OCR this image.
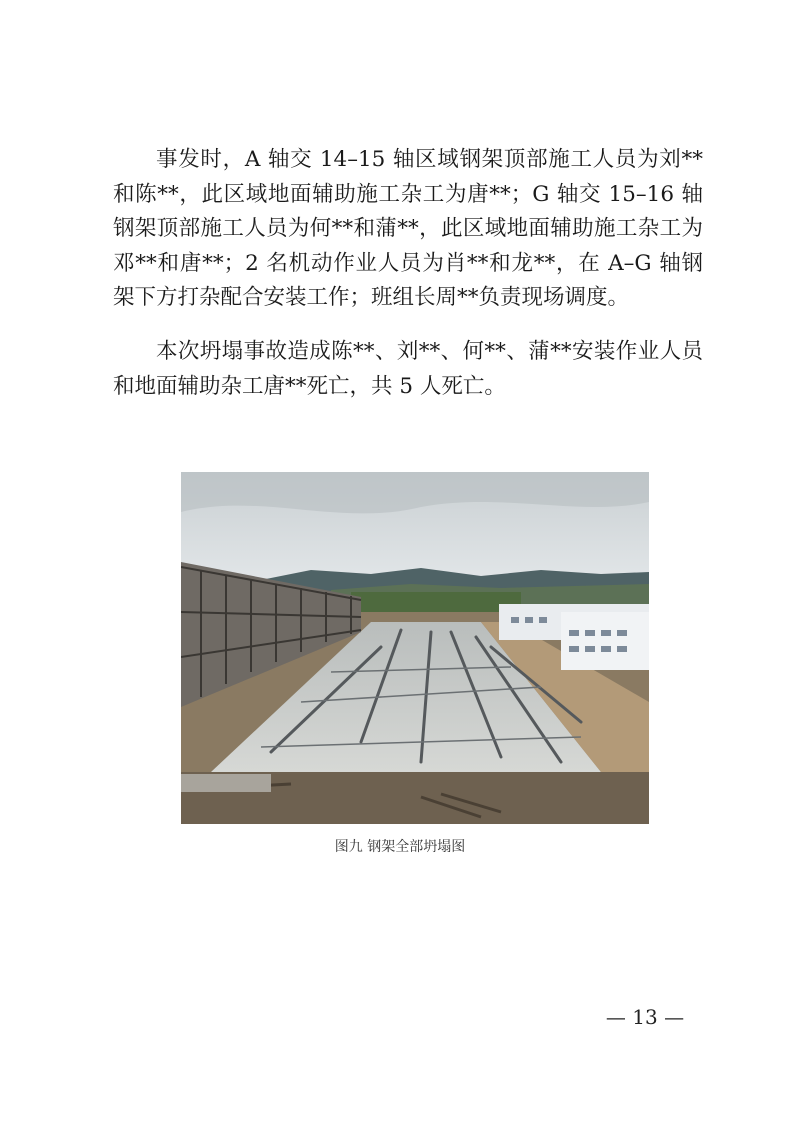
事发时，A 轴交 14–15 轴区域钢架顶部施工人员为刘**和陈**，此区域地面辅助施工杂工为唐**；G 轴交 15–16 轴钢架顶部施工人员为何**和蒲**，此区域地面辅助施工杂工为邓**和唐**；2 名机动作业人员为肖**和龙**，在 A–G 轴钢架下方打杂配合安装工作；班组长周**负责现场调度。

本次坍塌事故造成陈**、刘**、何**、蒲**安装作业人员和地面辅助杂工唐**死亡，共 5 人死亡。

图九 钢架全部坍塌图
— 13 —
